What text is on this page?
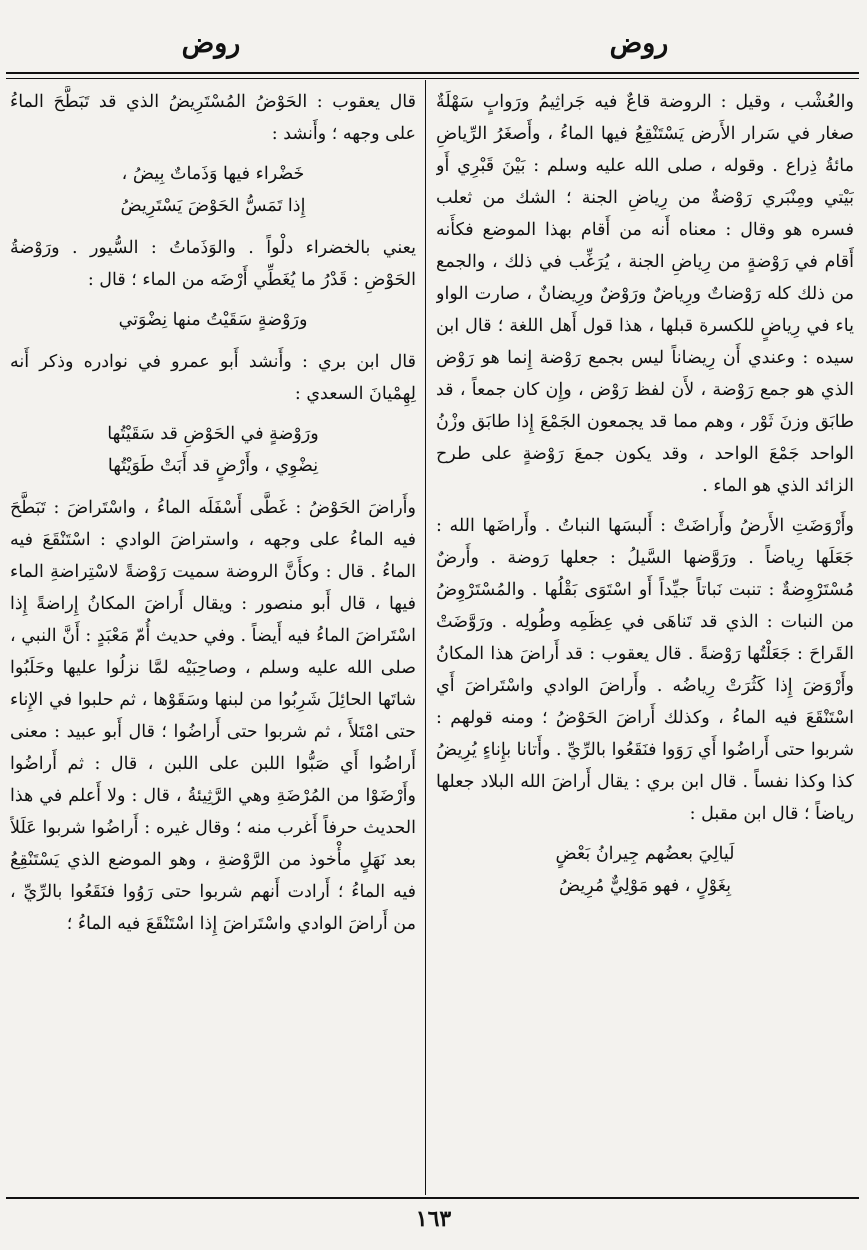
روض
روض

والعُشْب ، وقيل : الروضة قاعٌ فيه جَراثِيمُ ورَوابٍ سَهْلَةٌ صغار في سَرار الأَرض يَسْتَنْقِعُ فيها الماءُ ، وأَصغَرُ الرِّياضِ مائةُ ذِراع . وقوله ، صلى الله عليه وسلم : بَيْنَ قَبْرِي أَو بَيْتي ومِنْبَري رَوْضةٌ من رِياضِ الجنة ؛ الشك من ثعلب فسره هو وقال : معناه أَنه من أَقام بهذا الموضع فكأَنه أَقام في رَوْضةٍ من رِياضِ الجنة ، يُرَغِّب في ذلك ، والجمع من ذلك كله رَوْضاتٌ ورِياضٌ ورَوْضٌ ورِيضانٌ ، صارت الواو ياء في رِياضٍ للكسرة قبلها ، هذا قول أَهل اللغة ؛ قال ابن سيده : وعندي أَن رِيضاناً ليس بجمع رَوْضة إِنما هو رَوْض الذي هو جمع رَوْضة ، لأَن لفظ رَوْض ، وإِن كان جمعاً ، قد طابَق وزنَ ثَوْر ، وهم مما قد يجمعون الجَمْعَ إِذا طابَق وزْنُ الواحد جَمْعَ الواحد ، وقد يكون جمعَ رَوْضةٍ على طرح الزائد الذي هو الماء .

وأَرْوَضَتِ الأَرضُ وأَراضَتْ : أَلبسَها النباتُ . وأَراضَها الله : جَعَلَها رِياضاً . ورَوَّضها السَّيلُ : جعلها رَوضة . وأَرضٌ مُسْتَرْوِضةٌ : تنبت نَباتاً جيِّداً أَو اسْتَوَى بَقْلُها . والمُسْتَرْوِضُ من النبات : الذي قد تَناهَى في عِظَمِه وطُولِه . ورَوَّضَتْ القَراحَ : جَعَلْتُها رَوْضةً . قال يعقوب : قد أَراضَ هذا المكانُ وأَرْوَضَ إِذا كَثُرَتْ رِياضُه . وأَراضَ الوادي واسْتَراضَ أَي اسْتَنْقَعَ فيه الماءُ ، وكذلك أَراضَ الحَوْضُ ؛ ومنه قولهم : شربوا حتى أَراضُوا أَي رَوَوا فنَقَعُوا بالرِّيِّ . وأَتانا بإِناءٍ يُرِيضُ كذا وكذا نفساً . قال ابن بري : يقال أَراضَ الله البلاد جعلها رياضاً ؛ قال ابن مقبل :

لَيالِيَ بعضُهم جِيرانُ بَعْضٍ
بِغَوْلٍ ، فهو مَوْلِيٌّ مُرِيضُ

قال يعقوب : الحَوْضُ المُسْتَرِيضُ الذي قد تَبَطَّحَ الماءُ على وجهه ؛ وأَنشد :

خَضْراء فيها وَذَماتٌ بِيضُ ،
إِذا تَمَسُّ الحَوْضَ يَسْتَرِيضُ

يعني بالخضراء دلْواً . والوَذَماتُ : السُّيور . ورَوْضةُ الحَوْضِ : قَدْرُ ما يُغَطِّي أَرْضَه من الماء ؛ قال :

ورَوْضةٍ سَقَيْتُ منها نِضْوَتي

قال ابن بري : وأَنشد أَبو عمرو في نوادره وذكر أَنه لِهِمْيانَ السعدي :

ورَوْضةٍ في الحَوْضِ قد سَقَيْتُها
نِضْوِي ، وأَرْضٍ قد أَبَتْ طَوَيْتُها

وأَراضَ الحَوْضُ : غَطَّى أَسْفَلَه الماءُ ، واسْتَراضَ : تَبَطَّحَ فيه الماءُ على وجهه ، واستراضَ الوادي : اسْتَنْقَعَ فيه الماءُ . قال : وكأَنَّ الروضة سميت رَوْضةً لاسْتِراضةِ الماء فيها ، قال أَبو منصور : ويقال أَراضَ المكانُ إِراضةً إِذا اسْتَراضَ الماءُ فيه أَيضاً . وفي حديث أُمّ مَعْبَدٍ : أَنَّ النبي ، صلى الله عليه وسلم ، وصاحِبَيْه لمَّا نزلُوا عليها وحَلَبُوا شاتَها الحائِلَ شَرِبُوا من لبنها وسَقَوْها ، ثم حلبوا في الإِناء حتى امْتَلأَ ، ثم شربوا حتى أَراضُوا ؛ قال أَبو عبيد : معنى أَراضُوا أَي صَبُّوا اللبن على اللبن ، قال : ثم أَراضُوا وأَرْضَوْا من المُرْضَةِ وهي الرَّثِيئةُ ، قال : ولا أَعلم في هذا الحديث حرفاً أَغرب منه ؛ وقال غيره : أَراضُوا شربوا عَلَلاً بعد نَهَلٍ مأْخوذ من الرَّوْضةِ ، وهو الموضع الذي يَسْتَنْقِعُ فيه الماءُ ؛ أَرادت أَنهم شربوا حتى رَوُوا فنَقَعُوا بالرِّيِّ ، من أَراضَ الوادي واسْتَراضَ إِذا اسْتَنْقَعَ فيه الماءُ ؛

١٦٣
